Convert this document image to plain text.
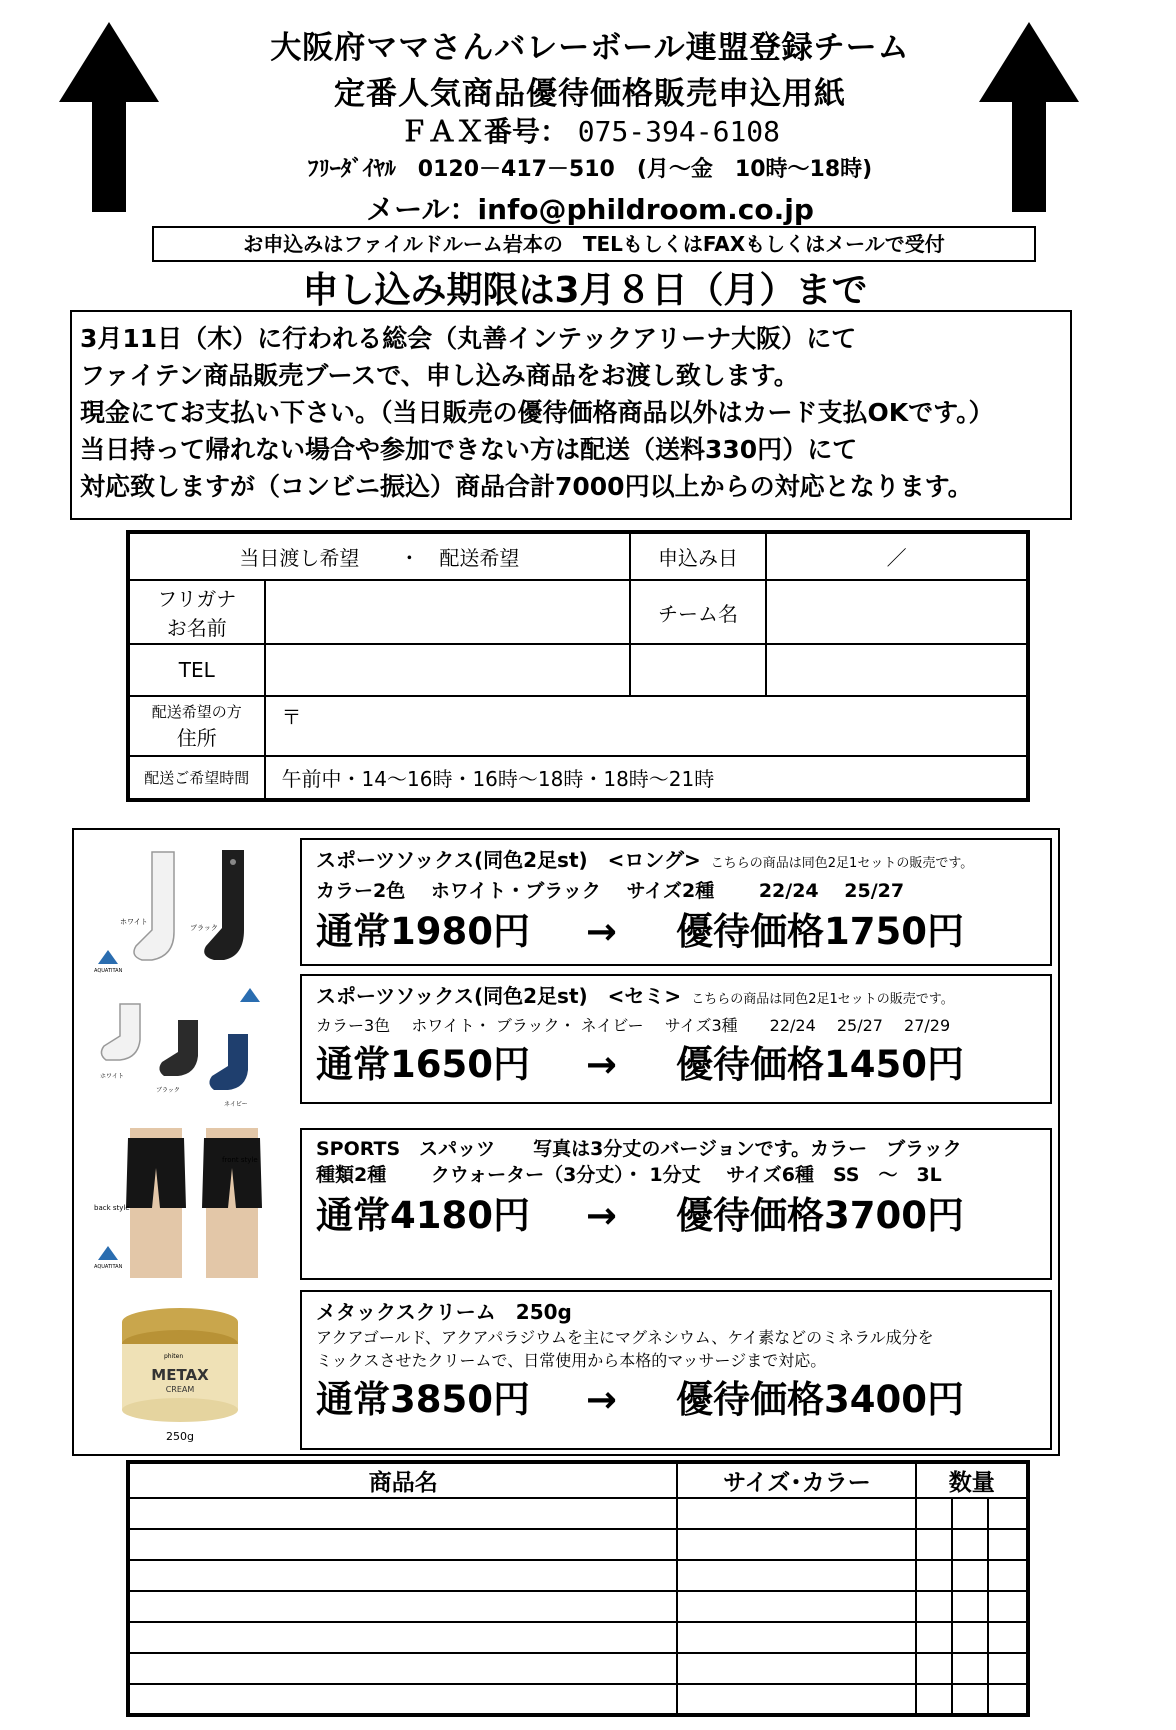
大阪府ママさんバレーボール連盟登録チーム
定番人気商品優待価格販売申込用紙
ＦＡＸ番号： 075-394-6108
ﾌﾘｰﾀﾞｲﾔﾙ　0120－417－510　(月～金　10時～18時)
メール：info@phildroom.co.jp
お申込みはファイルドルーム岩本の　TELもしくはFAXもしくはメールで受付
申し込み期限は3月８日（月）まで
3月11日（木）に行われる総会（丸善インテックアリーナ大阪）にて
ファイテン商品販売ブースで、申し込み商品をお渡し致します。
現金にてお支払い下さい。（当日販売の優待価格商品以外はカード支払OKです。）
当日持って帰れない場合や参加できない方は配送（送料330円）にて
対応致しますが（コンビニ振込）商品合計7000円以上からの対応となります。
当日渡し希望　　・　配送希望		申込み日	／

フリガナ
お名前		チーム名	
TEL			

配送希望の方
住所	〒		
配送ご希望時間	午前中・14～16時・16時～18時・18時～21時		
ホワイト
ブラック
AQUATITAN
スポーツソックス(同色2足st)　<ロング> こちらの商品は同色2足1セットの販売です。
カラー2色　 ホワイト・ブラック　 サイズ2種　　 22/24　 25/27
通常1980円 → 優待価格1750円
ホワイト
ブラック
ネイビー
スポーツソックス(同色2足st)　<セミ> こちらの商品は同色2足1セットの販売です。
カラー3色　 ホワイト・ ブラック・ ネイビー　 サイズ3種　　22/24　 25/27　 27/29
通常1650円 → 優待価格1450円
front style
back style
AQUATITAN
SPORTS　スパッツ　　写真は3分丈のバージョンです。カラー　ブラック
種類2種　　 クウォーター（3分丈）・ 1分丈　 サイズ6種　SS　～　3L
通常4180円 → 優待価格3700円
phiten
METAX
CREAM
250g
メタックスクリーム　250g
アクアゴールド、アクアパラジウムを主にマグネシウム、ケイ素などのミネラル成分を
ミックスさせたクリームで、日常使用から本格的マッサージまで対応。
通常3850円 → 優待価格3400円
商品名	サイズ･カラー	数量		
